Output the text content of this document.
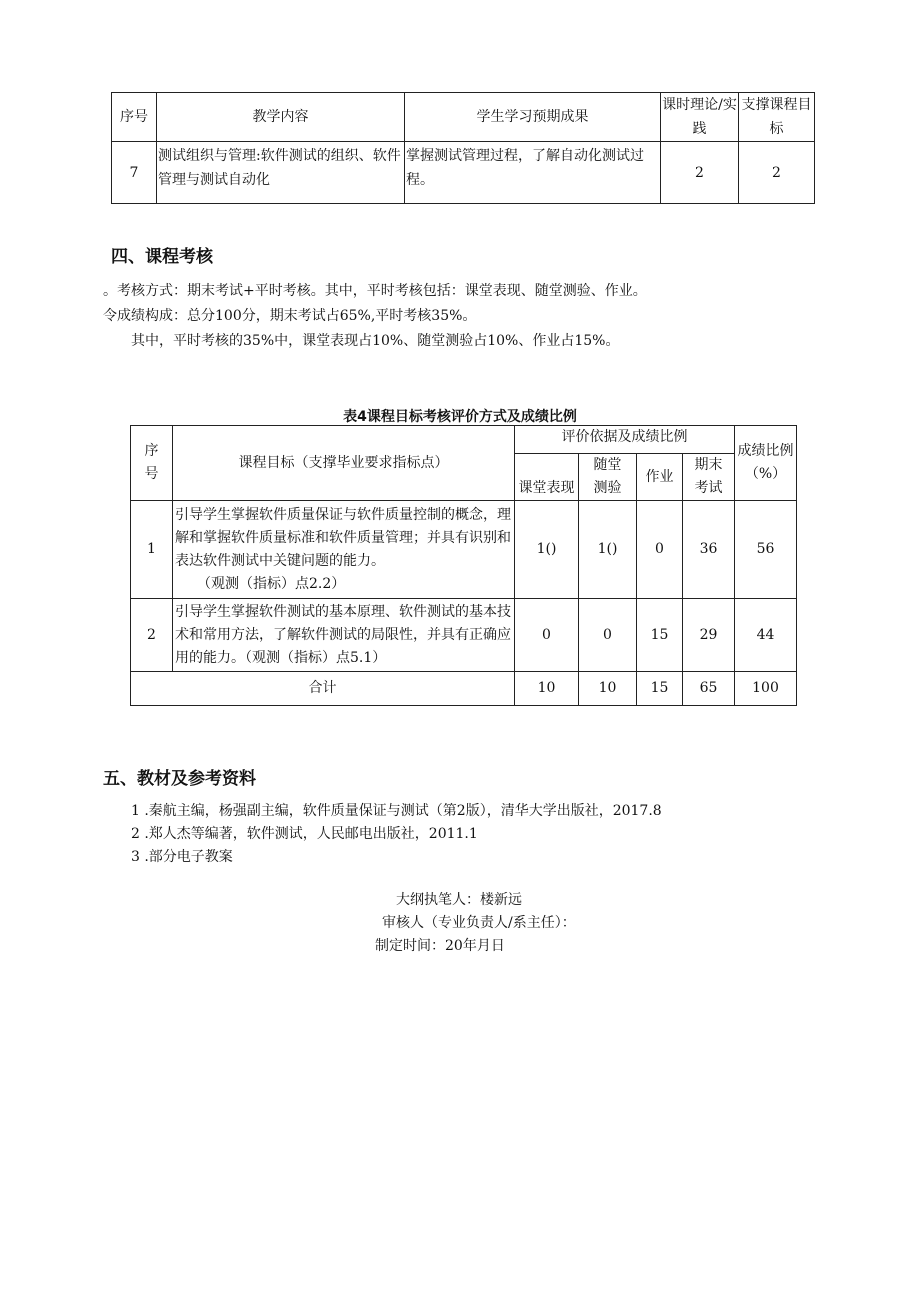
序号	教学内容	学生学习预期成果	课时理论/实践	支撑课程目标
7	测试组织与管理:软件测试的组织、软件管理与测试自动化	掌握测试管理过程，了解自动化测试过程。	2	2
四、课程考核
。考核方式：期末考试+平时考核。其中，平时考核包括：课堂表现、随堂测验、作业。
令成绩构成：总分100分，期末考试占65%,平时考核35%。
其中，平时考核的35%中，课堂表现占10%、随堂测验占10%、作业占15%。
表4课程目标考核评价方式及成绩比例
序号	课程目标（支撑毕业要求指标点）	评价依据及成绩比例				成绩比例（%）
		课堂表现	随堂测验	作业	期末考试	
1	引导学生掌握软件质量保证与软件质量控制的概念，理解和掌握软件质量标准和软件质量管理；并具有识别和表达软件测试中关键问题的能力。
（观测（指标）点2.2）	1()	1()	0	36	56
2	引导学生掌握软件测试的基本原理、软件测试的基本技术和常用方法，了解软件测试的局限性，并具有正确应用的能力。（观测（指标）点5.1）	0	0	15	29	44
合计		10	10	15	65	100
五、教材及参考资料
1 .秦航主编，杨强副主编，软件质量保证与测试（第2版），清华大学出版社，2017.8
2 .郑人杰等编著，软件测试，人民邮电出版社，2011.1
3 .部分电子教案
大纲执笔人：楼新远
审核人（专业负责人/系主任）：
制定时间：20年月日
